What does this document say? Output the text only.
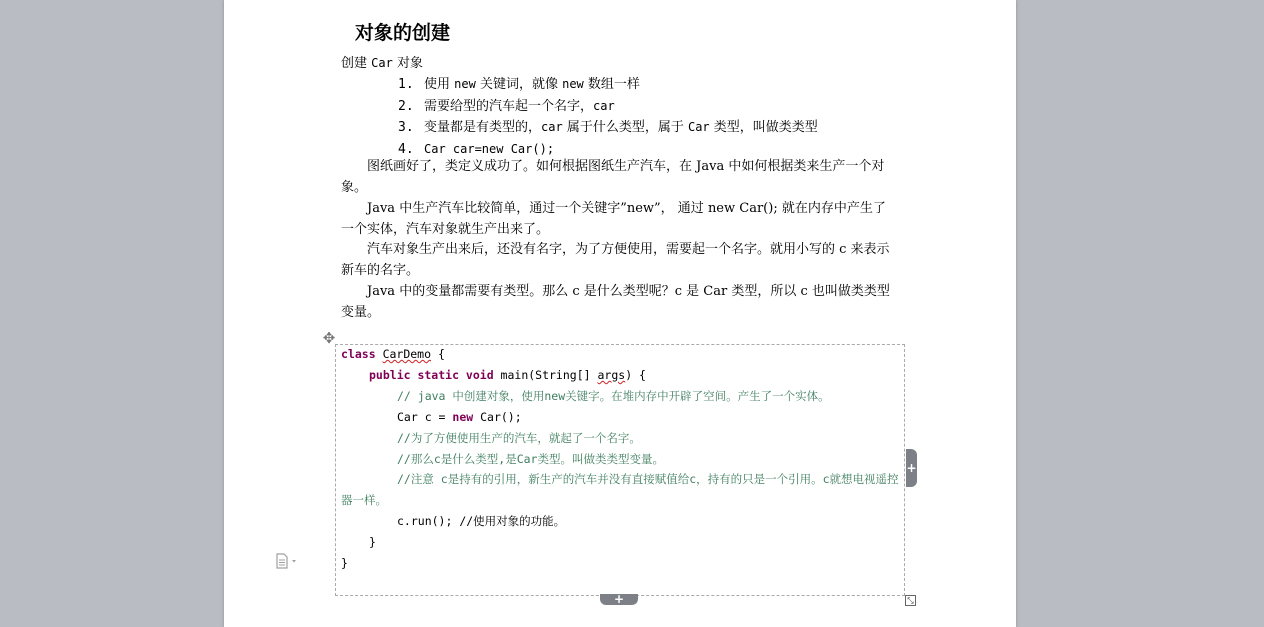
对象的创建
创建 Car 对象
1. 使用 new 关键词，就像 new 数组一样
2. 需要给型的汽车起一个名字，car
3. 变量都是有类型的，car 属于什么类型，属于 Car 类型，叫做类类型
4. Car car=new Car();
图纸画好了，类定义成功了。如何根据图纸生产汽车，在 Java 中如何根据类来生产一个对象。
Java 中生产汽车比较简单，通过一个关键字”new”， 通过 new Car(); 就在内存中产生了一个实体，汽车对象就生产出来了。
汽车对象生产出来后，还没有名字，为了方便使用，需要起一个名字。就用小写的 c 来表示新车的名字。
Java 中的变量都需要有类型。那么 c 是什么类型呢？c 是 Car 类型，所以 c 也叫做类类型变量。
✥
class CarDemo {
public static void main(String[] args) {
// java 中创建对象，使用new关键字。在堆内存中开辟了空间。产生了一个实体。
Car c = new Car();
//为了方便使用生产的汽车，就起了一个名字。
//那么c是什么类型,是Car类型。叫做类类型变量。
//注意 c是持有的引用，新生产的汽车并没有直接赋值给c，持有的只是一个引用。c就想电视遥控器一样。
c.run(); //使用对象的功能。
}
}
+
+	⤡
